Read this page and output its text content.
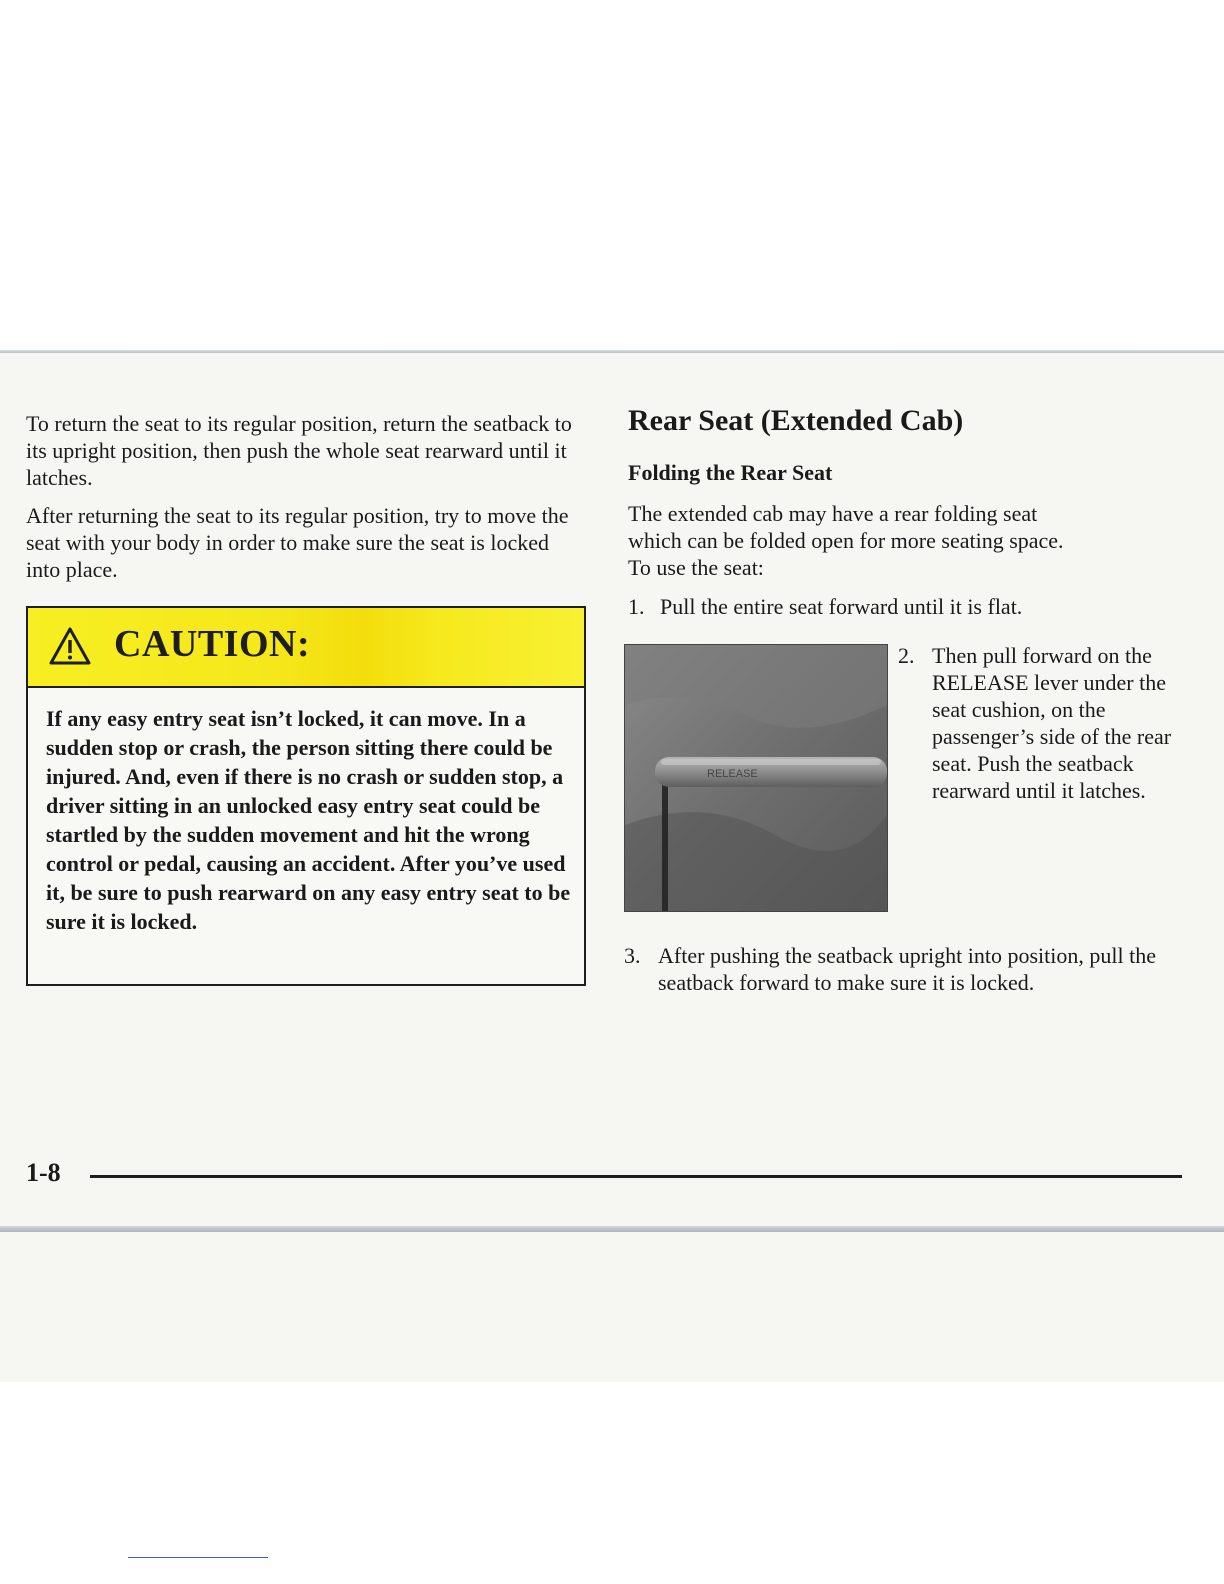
To return the seat to its regular position, return the seatback to its upright position, then push the whole seat rearward until it latches.

After returning the seat to its regular position, try to move the seat with your body in order to make sure the seat is locked into place.

CAUTION:

If any easy entry seat isn’t locked, it can move. In a sudden stop or crash, the person sitting there could be injured. And, even if there is no crash or sudden stop, a driver sitting in an unlocked easy entry seat could be startled by the sudden movement and hit the wrong control or pedal, causing an accident. After you’ve used it, be sure to push rearward on any easy entry seat to be sure it is locked.

Rear Seat (Extended Cab)
Folding the Rear Seat
The extended cab may have a rear folding seat
which can be folded open for more seating space.
To use the seat:
1. Pull the entire seat forward until it is flat.
RELEASE
2. Then pull forward on the RELEASE lever under the seat cushion, on the passenger’s side of the rear seat. Push the seatback rearward until it latches.
3. After pushing the seatback upright into position, pull the seatback forward to make sure it is locked.
1-8
